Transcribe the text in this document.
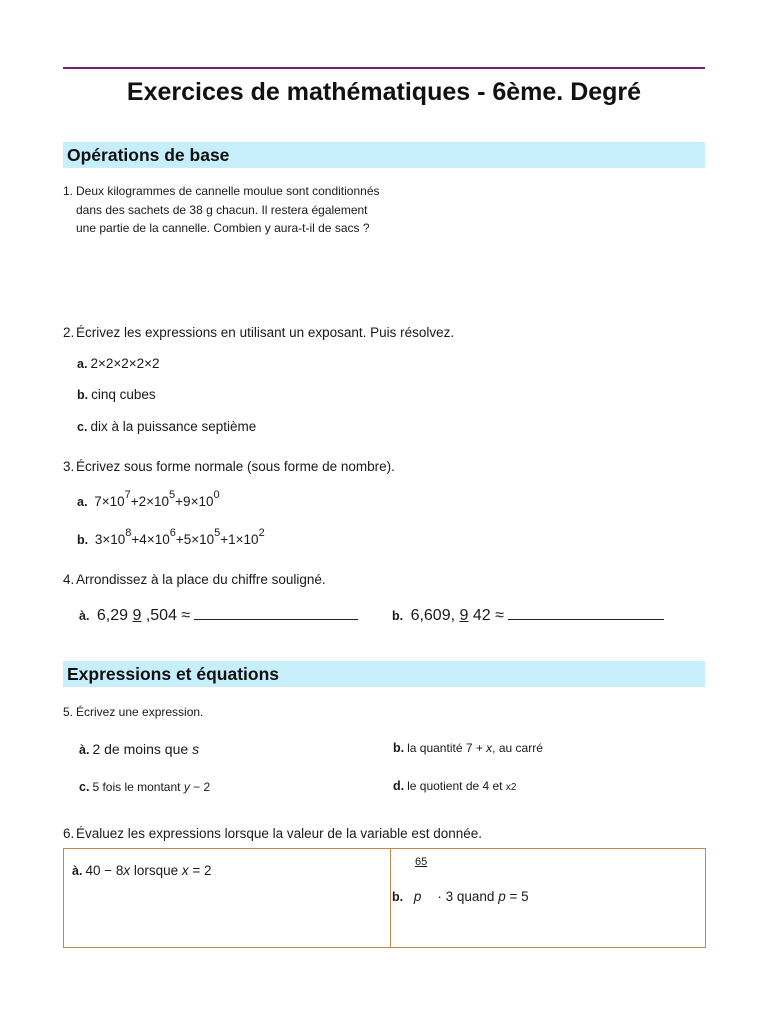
Exercices de mathématiques - 6ème. Degré
Opérations de base
1. Deux kilogrammes de cannelle moulue sont conditionnés
dans des sachets de 38 g chacun. Il restera également
une partie de la cannelle. Combien y aura-t-il de sacs ?
2. Écrivez les expressions en utilisant un exposant. Puis résolvez.
a. 2×2×2×2×2
b. cinq cubes
c. dix à la puissance septième
3. Écrivez sous forme normale (sous forme de nombre).
a. $7\times 10^7+2\times 10^5+9\times 10^0$
b. $3\times 10^8+4\times 10^6+5\times 10^5+1\times 10^2$
4. Arrondissez à la place du chiffre souligné.
à. 6,29 9 ,504 ≈	b. 6,609, 9 42 ≈
Expressions et équations
5. Écrivez une expression.
à. 2 de moins que s	b. la quantité 7 + x, au carré
c. 5 fois le montant y − 2	d. le quotient de 4 et x2
6. Évaluez les expressions lorsque la valeur de la variable est donnée.
à. 40 − 8x lorsque x = 2
65
b. p · 3 quand p = 5
